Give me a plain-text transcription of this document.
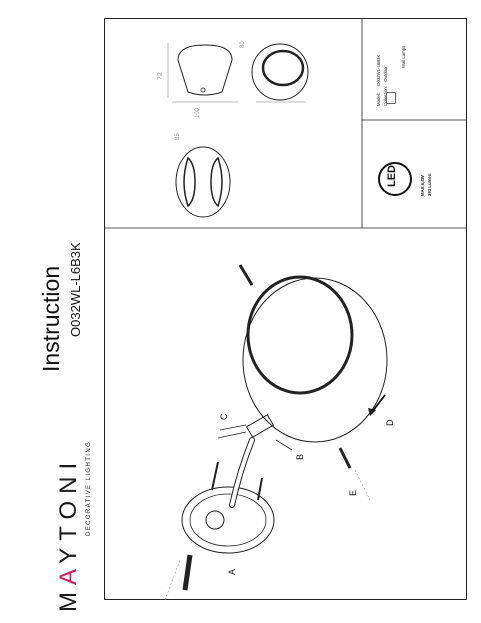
MAYTONI DECORATIVE LIGHTING
Instruction O032WL-L6B3K
72
100
80
85
Model: O032WL-L6B3K
Collection: Outdoor
Wall Lamps
LED	MAX 6,4W 393 Lumen
A
B
C
D
E
